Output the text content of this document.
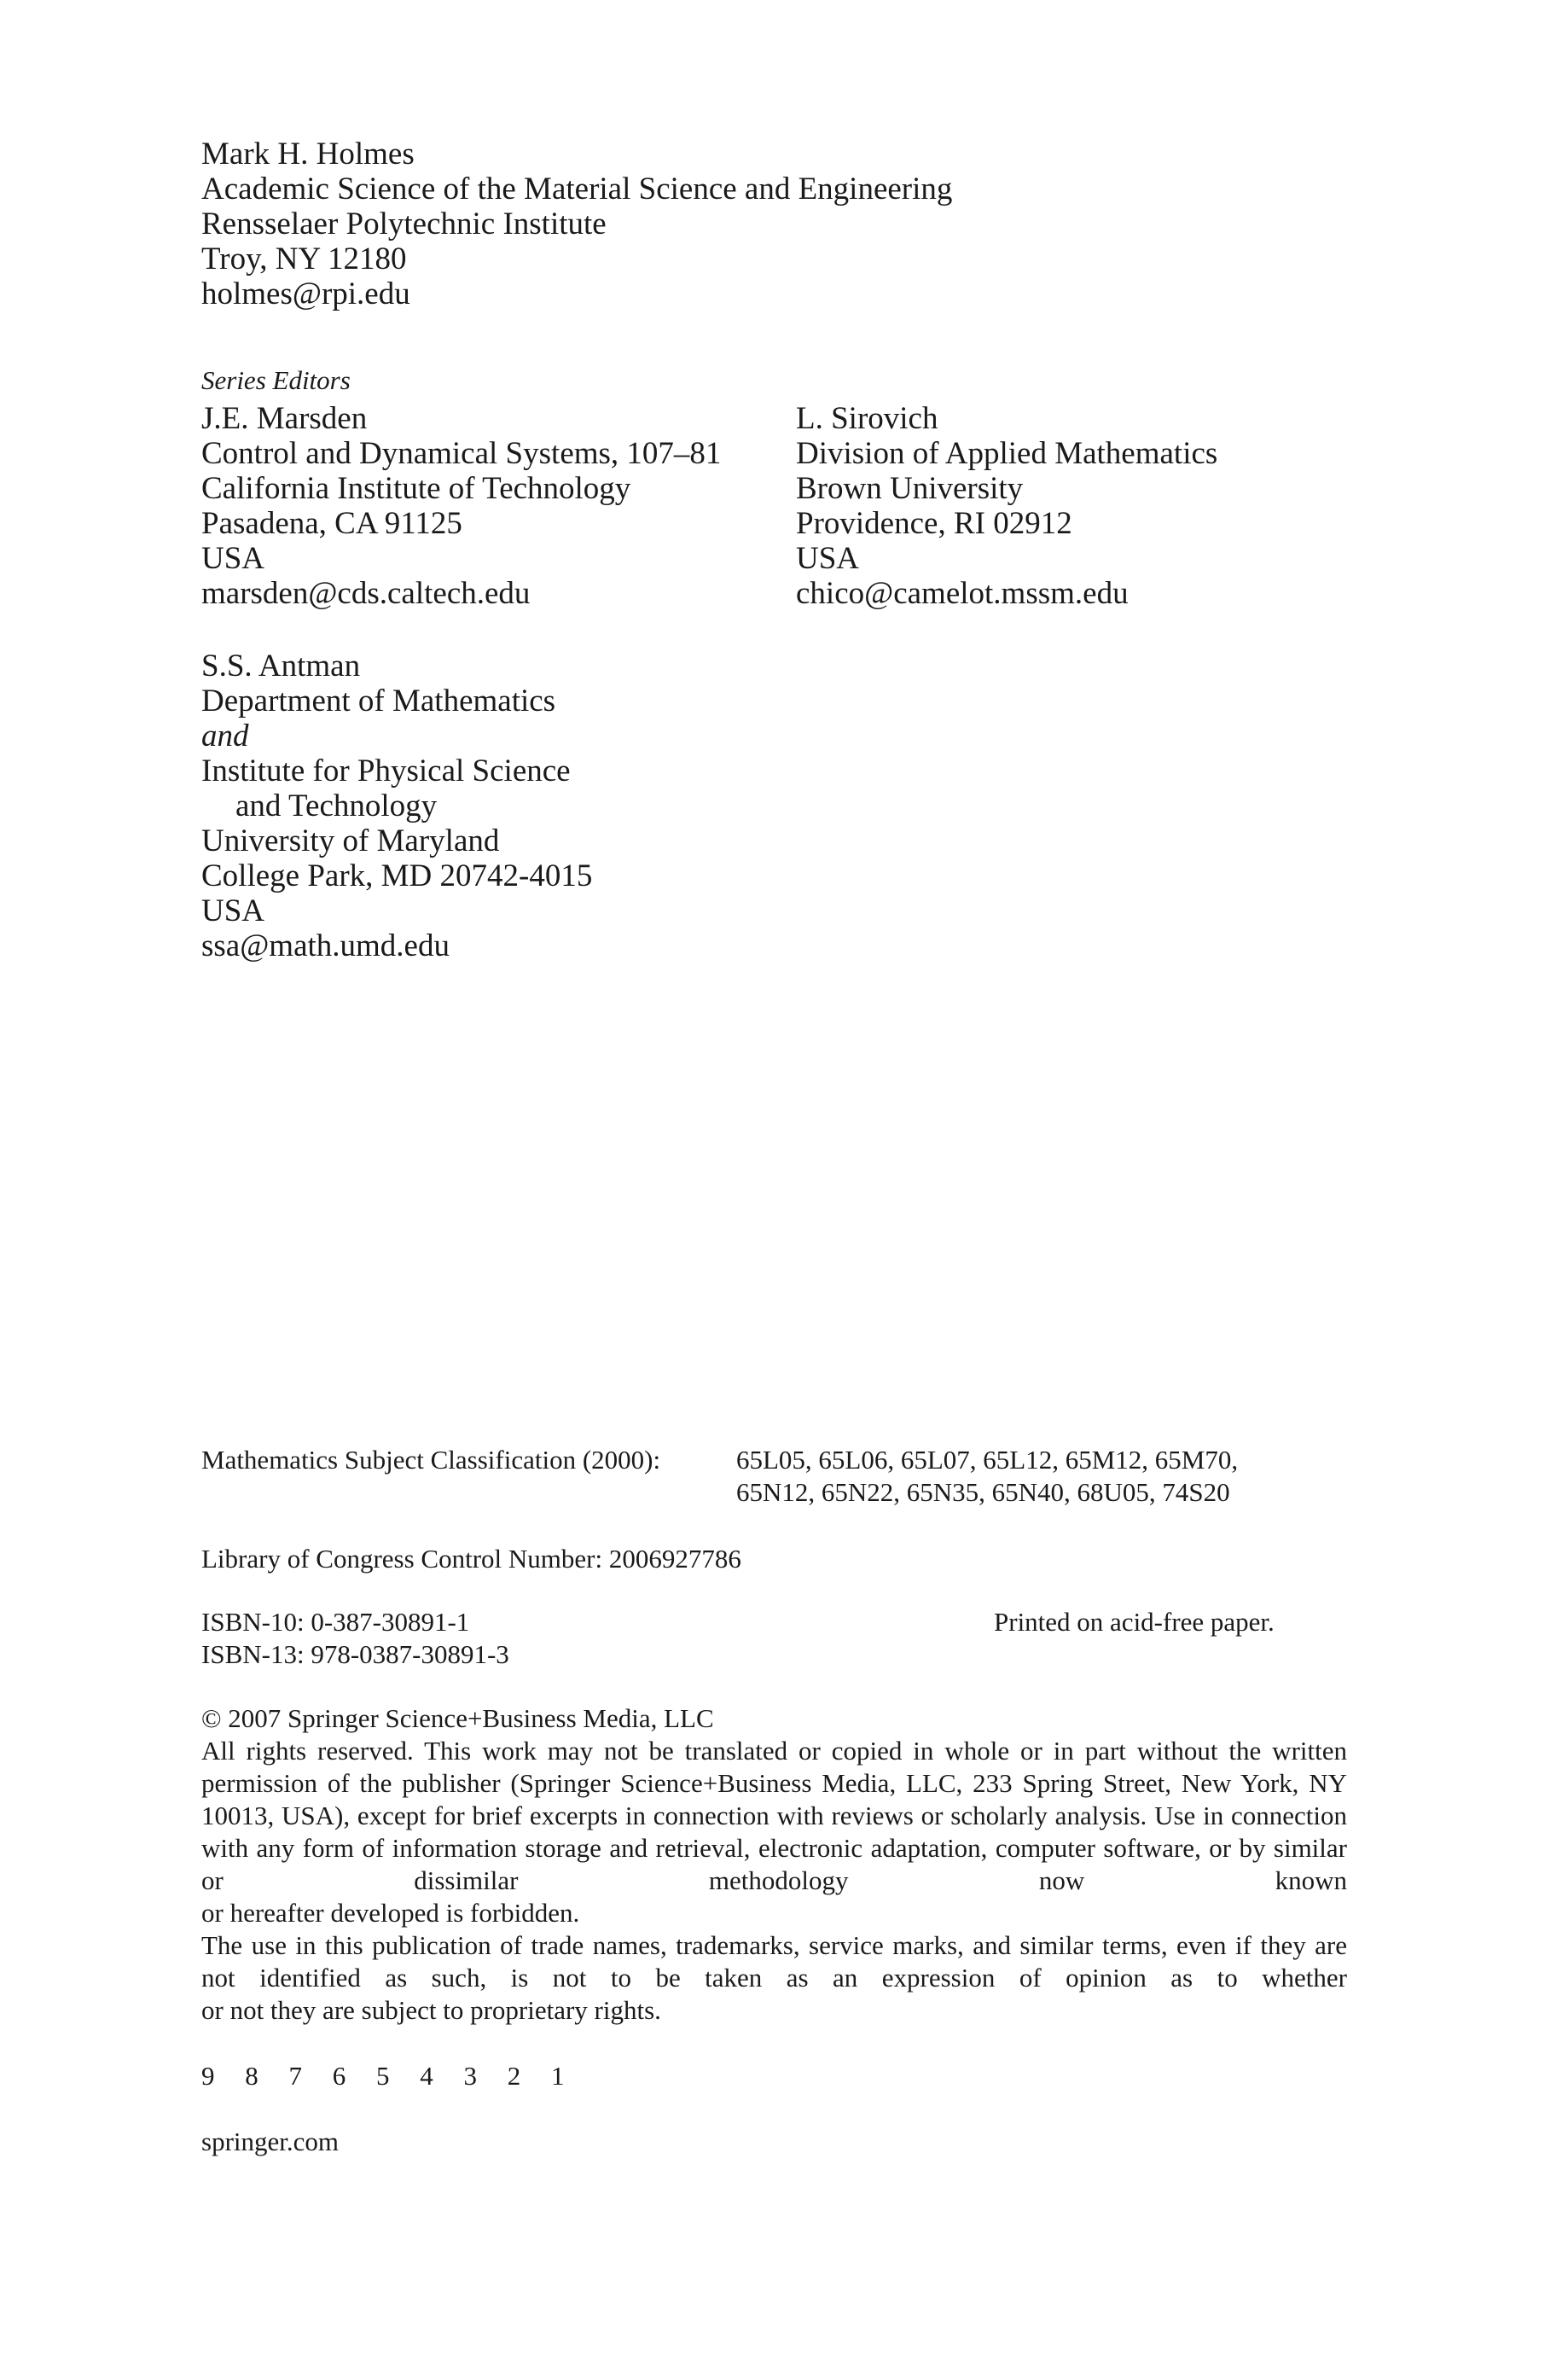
Mark H. Holmes
Academic Science of the Material Science and Engineering
Rensselaer Polytechnic Institute
Troy, NY 12180
holmes@rpi.edu
Series Editors
J.E. Marsden
Control and Dynamical Systems, 107–81
California Institute of Technology
Pasadena, CA 91125
USA
marsden@cds.caltech.edu
L. Sirovich
Division of Applied Mathematics
Brown University
Providence, RI 02912
USA
chico@camelot.mssm.edu
S.S. Antman
Department of Mathematics
and
Institute for Physical Science
and Technology
University of Maryland
College Park, MD 20742-4015
USA
ssa@math.umd.edu
Mathematics Subject Classification (2000):	65L05, 65L06, 65L07, 65L12, 65M12, 65M70,
65N12, 65N22, 65N35, 65N40, 68U05, 74S20
Library of Congress Control Number: 2006927786
ISBN-10: 0-387-30891-1
ISBN-13: 978-0387-30891-3
Printed on acid-free paper.
© 2007 Springer Science+Business Media, LLC
All rights reserved. This work may not be translated or copied in whole or in part without the written permission of the publisher (Springer Science+Business Media, LLC, 233 Spring Street, New York, NY 10013, USA), except for brief excerpts in connection with reviews or scholarly analysis. Use in connection with any form of information storage and retrieval, electronic adaptation, computer software, or by similar or dissimilar methodology now known
or hereafter developed is forbidden.
The use in this publication of trade names, trademarks, service marks, and similar terms, even if they are not identified as such, is not to be taken as an expression of opinion as to whether
or not they are subject to proprietary rights.
9 8 7 6 5 4 3 2 1
springer.com
